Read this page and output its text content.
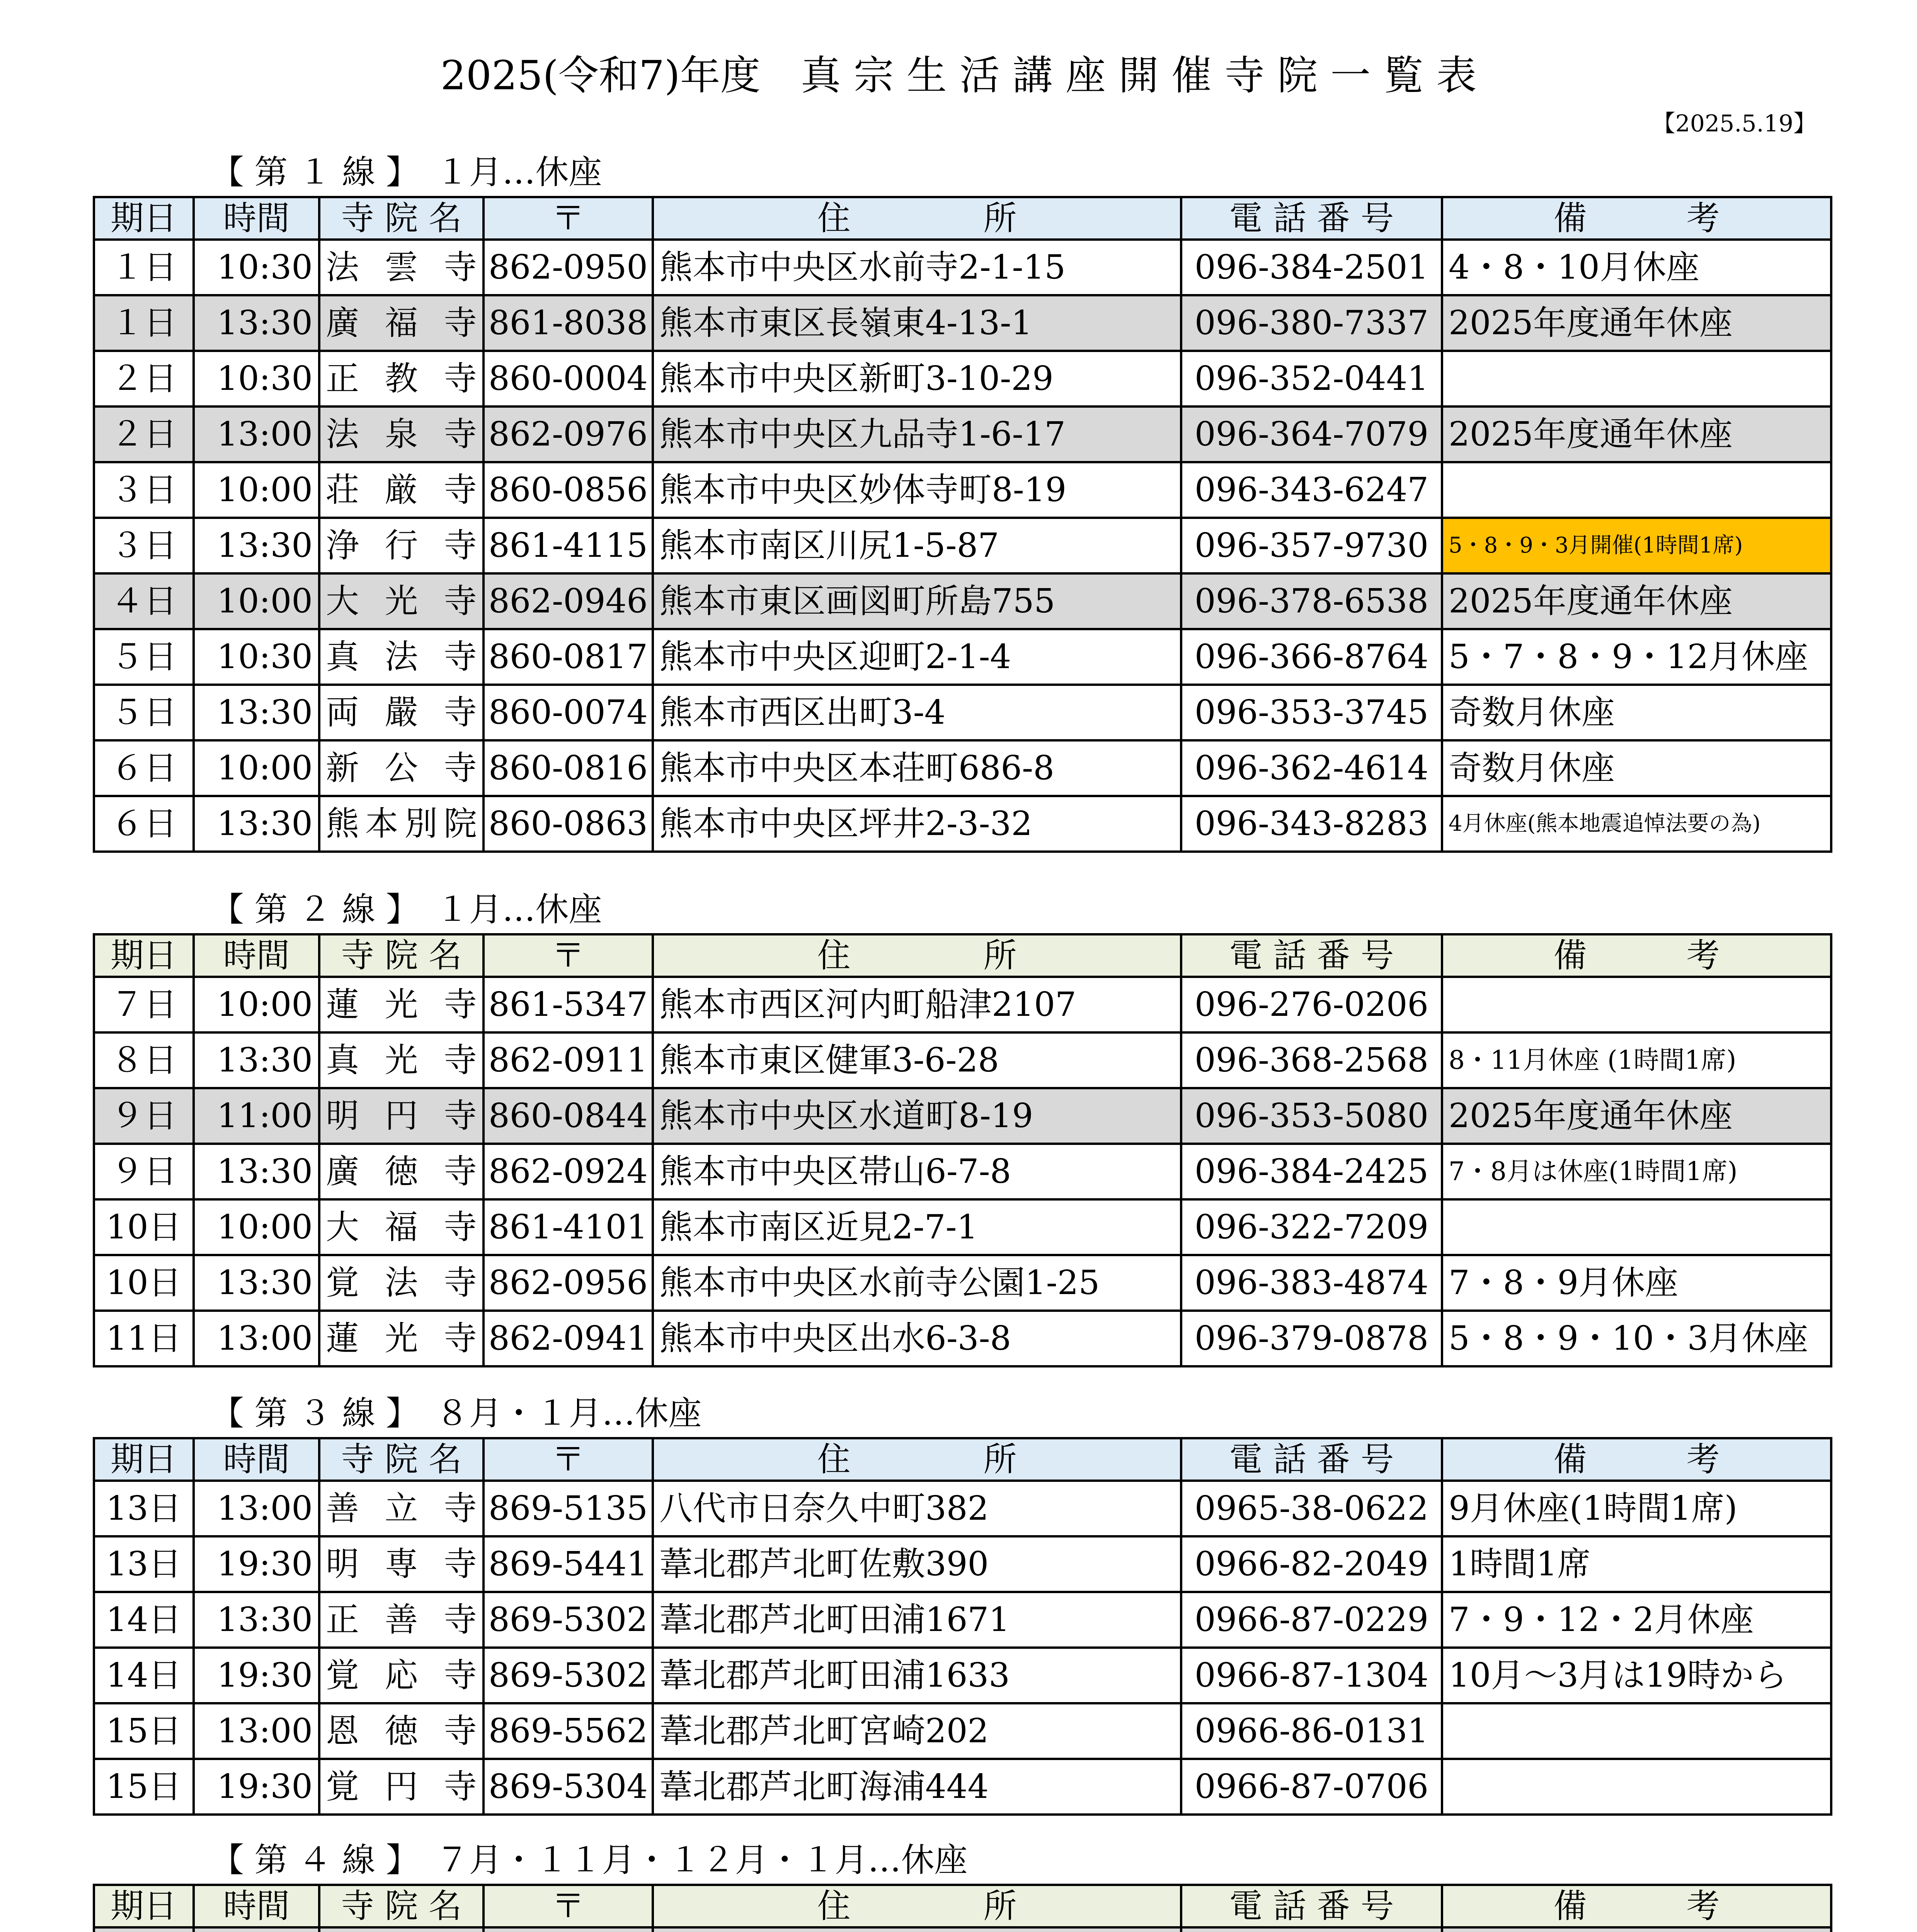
2025(令和7)年度　真 宗 生 活 講 座 開 催 寺 院 一 覧 表
【2025.5.19】
【 第 １ 線 】　１月…休座
期日	時間	寺 院 名	〒	住　　　　所	電 話 番 号	備　　　考
１日	10:30	法雲寺	862-0950	熊本市中央区水前寺2-1-15	096-384-2501	4・8・10月休座
１日	13:30	廣福寺	861-8038	熊本市東区長嶺東4-13-1	096-380-7337	2025年度通年休座
２日	10:30	正教寺	860-0004	熊本市中央区新町3-10-29	096-352-0441	
２日	13:00	法泉寺	862-0976	熊本市中央区九品寺1-6-17	096-364-7079	2025年度通年休座
３日	10:00	荘厳寺	860-0856	熊本市中央区妙体寺町8-19	096-343-6247	
３日	13:30	浄行寺	861-4115	熊本市南区川尻1-5-87	096-357-9730	5・8・9・3月開催(1時間1席)
４日	10:00	大光寺	862-0946	熊本市東区画図町所島755	096-378-6538	2025年度通年休座
５日	10:30	真法寺	860-0817	熊本市中央区迎町2-1-4	096-366-8764	5・7・8・9・12月休座
５日	13:30	両嚴寺	860-0074	熊本市西区出町3-4	096-353-3745	奇数月休座
６日	10:00	新公寺	860-0816	熊本市中央区本荘町686-8	096-362-4614	奇数月休座
６日	13:30	熊本別院	860-0863	熊本市中央区坪井2-3-32	096-343-8283	4月休座(熊本地震追悼法要の為)
【 第 ２ 線 】　１月…休座
期日	時間	寺 院 名	〒	住　　　　所	電 話 番 号	備　　　考
７日	10:00	蓮光寺	861-5347	熊本市西区河内町船津2107	096-276-0206	
８日	13:30	真光寺	862-0911	熊本市東区健軍3-6-28	096-368-2568	8・11月休座 (1時間1席)
９日	11:00	明円寺	860-0844	熊本市中央区水道町8-19	096-353-5080	2025年度通年休座
９日	13:30	廣徳寺	862-0924	熊本市中央区帯山6-7-8	096-384-2425	7・8月は休座(1時間1席)
10日	10:00	大福寺	861-4101	熊本市南区近見2-7-1	096-322-7209	
10日	13:30	覚法寺	862-0956	熊本市中央区水前寺公園1-25	096-383-4874	7・8・9月休座
11日	13:00	蓮光寺	862-0941	熊本市中央区出水6-3-8	096-379-0878	5・8・9・10・3月休座
【 第 ３ 線 】　８月・１月…休座
期日	時間	寺 院 名	〒	住　　　　所	電 話 番 号	備　　　考
13日	13:00	善立寺	869-5135	八代市日奈久中町382	0965-38-0622	9月休座(1時間1席)
13日	19:30	明専寺	869-5441	葦北郡芦北町佐敷390	0966-82-2049	1時間1席
14日	13:30	正善寺	869-5302	葦北郡芦北町田浦1671	0966-87-0229	7・9・12・2月休座
14日	19:30	覚応寺	869-5302	葦北郡芦北町田浦1633	0966-87-1304	10月～3月は19時から
15日	13:00	恩徳寺	869-5562	葦北郡芦北町宮崎202	0966-86-0131	
15日	19:30	覚円寺	869-5304	葦北郡芦北町海浦444	0966-87-0706	
【 第 ４ 線 】　７月・１１月・１２月・１月…休座
期日	時間	寺 院 名	〒	住　　　　所	電 話 番 号	備　　　考
